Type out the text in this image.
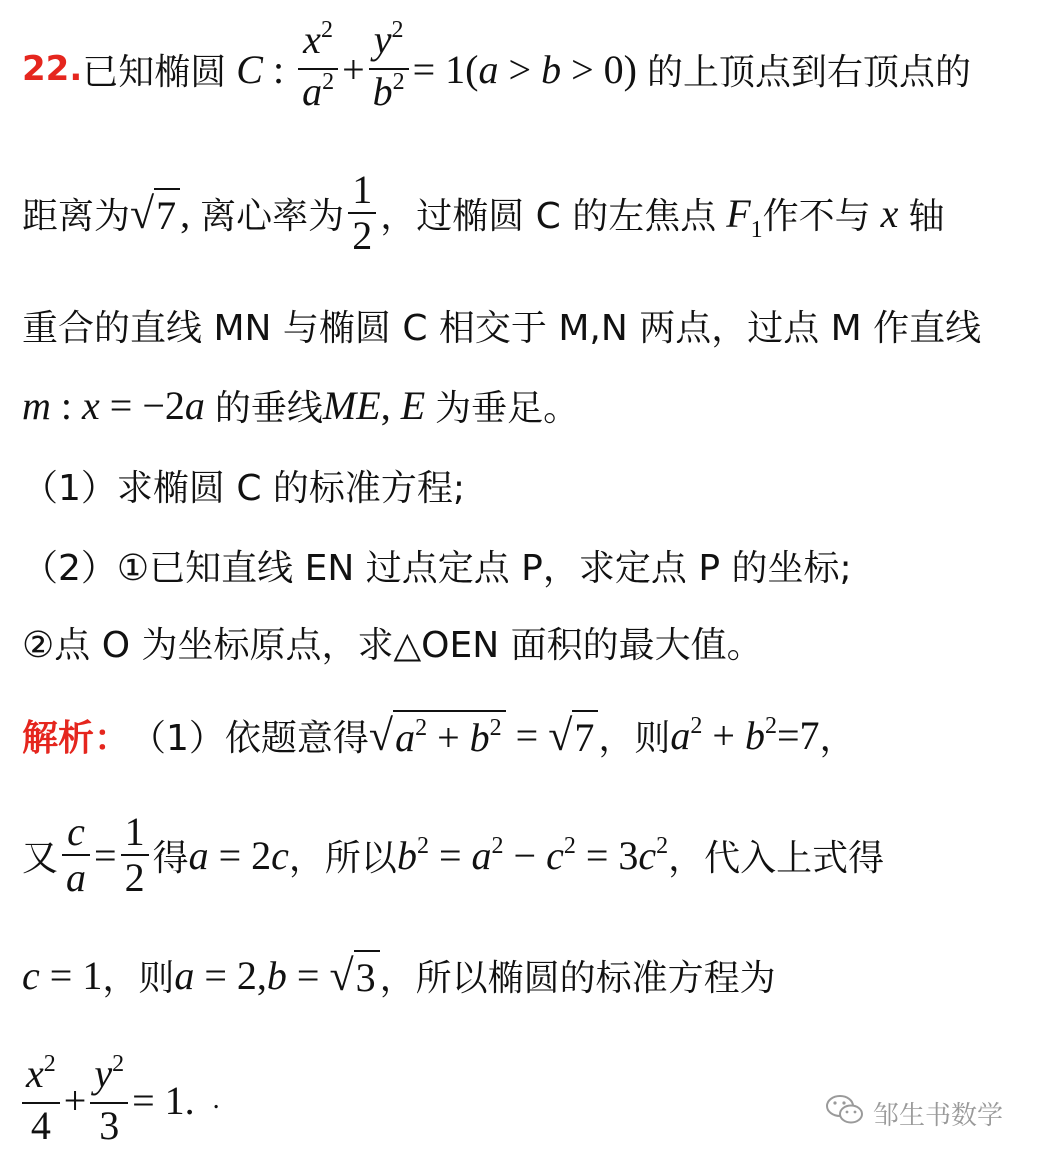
22. 已知椭圆 C : $\frac{x^2}{a^2} + \frac{y^2}{b^2} = 1(a > b > 0)$ 的上顶点到右顶点的
距离为 √ 7 , 离心率为 $\frac{1}{2}$ ，过椭圆 C 的左焦点 $F_1$ 作不与 x 轴
重合的直线 MN 与椭圆 C 相交于 M,N 两点，过点 M 作直线
m : x = −2a 的垂线 ME , E 为垂足。
（1）求椭圆 C 的标准方程;
（2）①已知直线 EN 过点定点 P，求定点 P 的坐标;
②点 O 为坐标原点，求△OEN 面积的最大值。
解析： （1）依题意得 √ $a^2 + b^2$ = √ 7 ，则 $a^2 + b^2=7$ ，
又 $\frac{c}{a} = \frac{1}{2}$ 得 a = 2c ，所以 $b^2 = a^2 - c^2 = 3c^2$ ，代入上式得
c = 1 ，则 a = 2,b = √ 3 ，所以椭圆的标准方程为
$\frac{x^2}{4} + \frac{y^2}{3} = 1$ . .
邹生书数学
